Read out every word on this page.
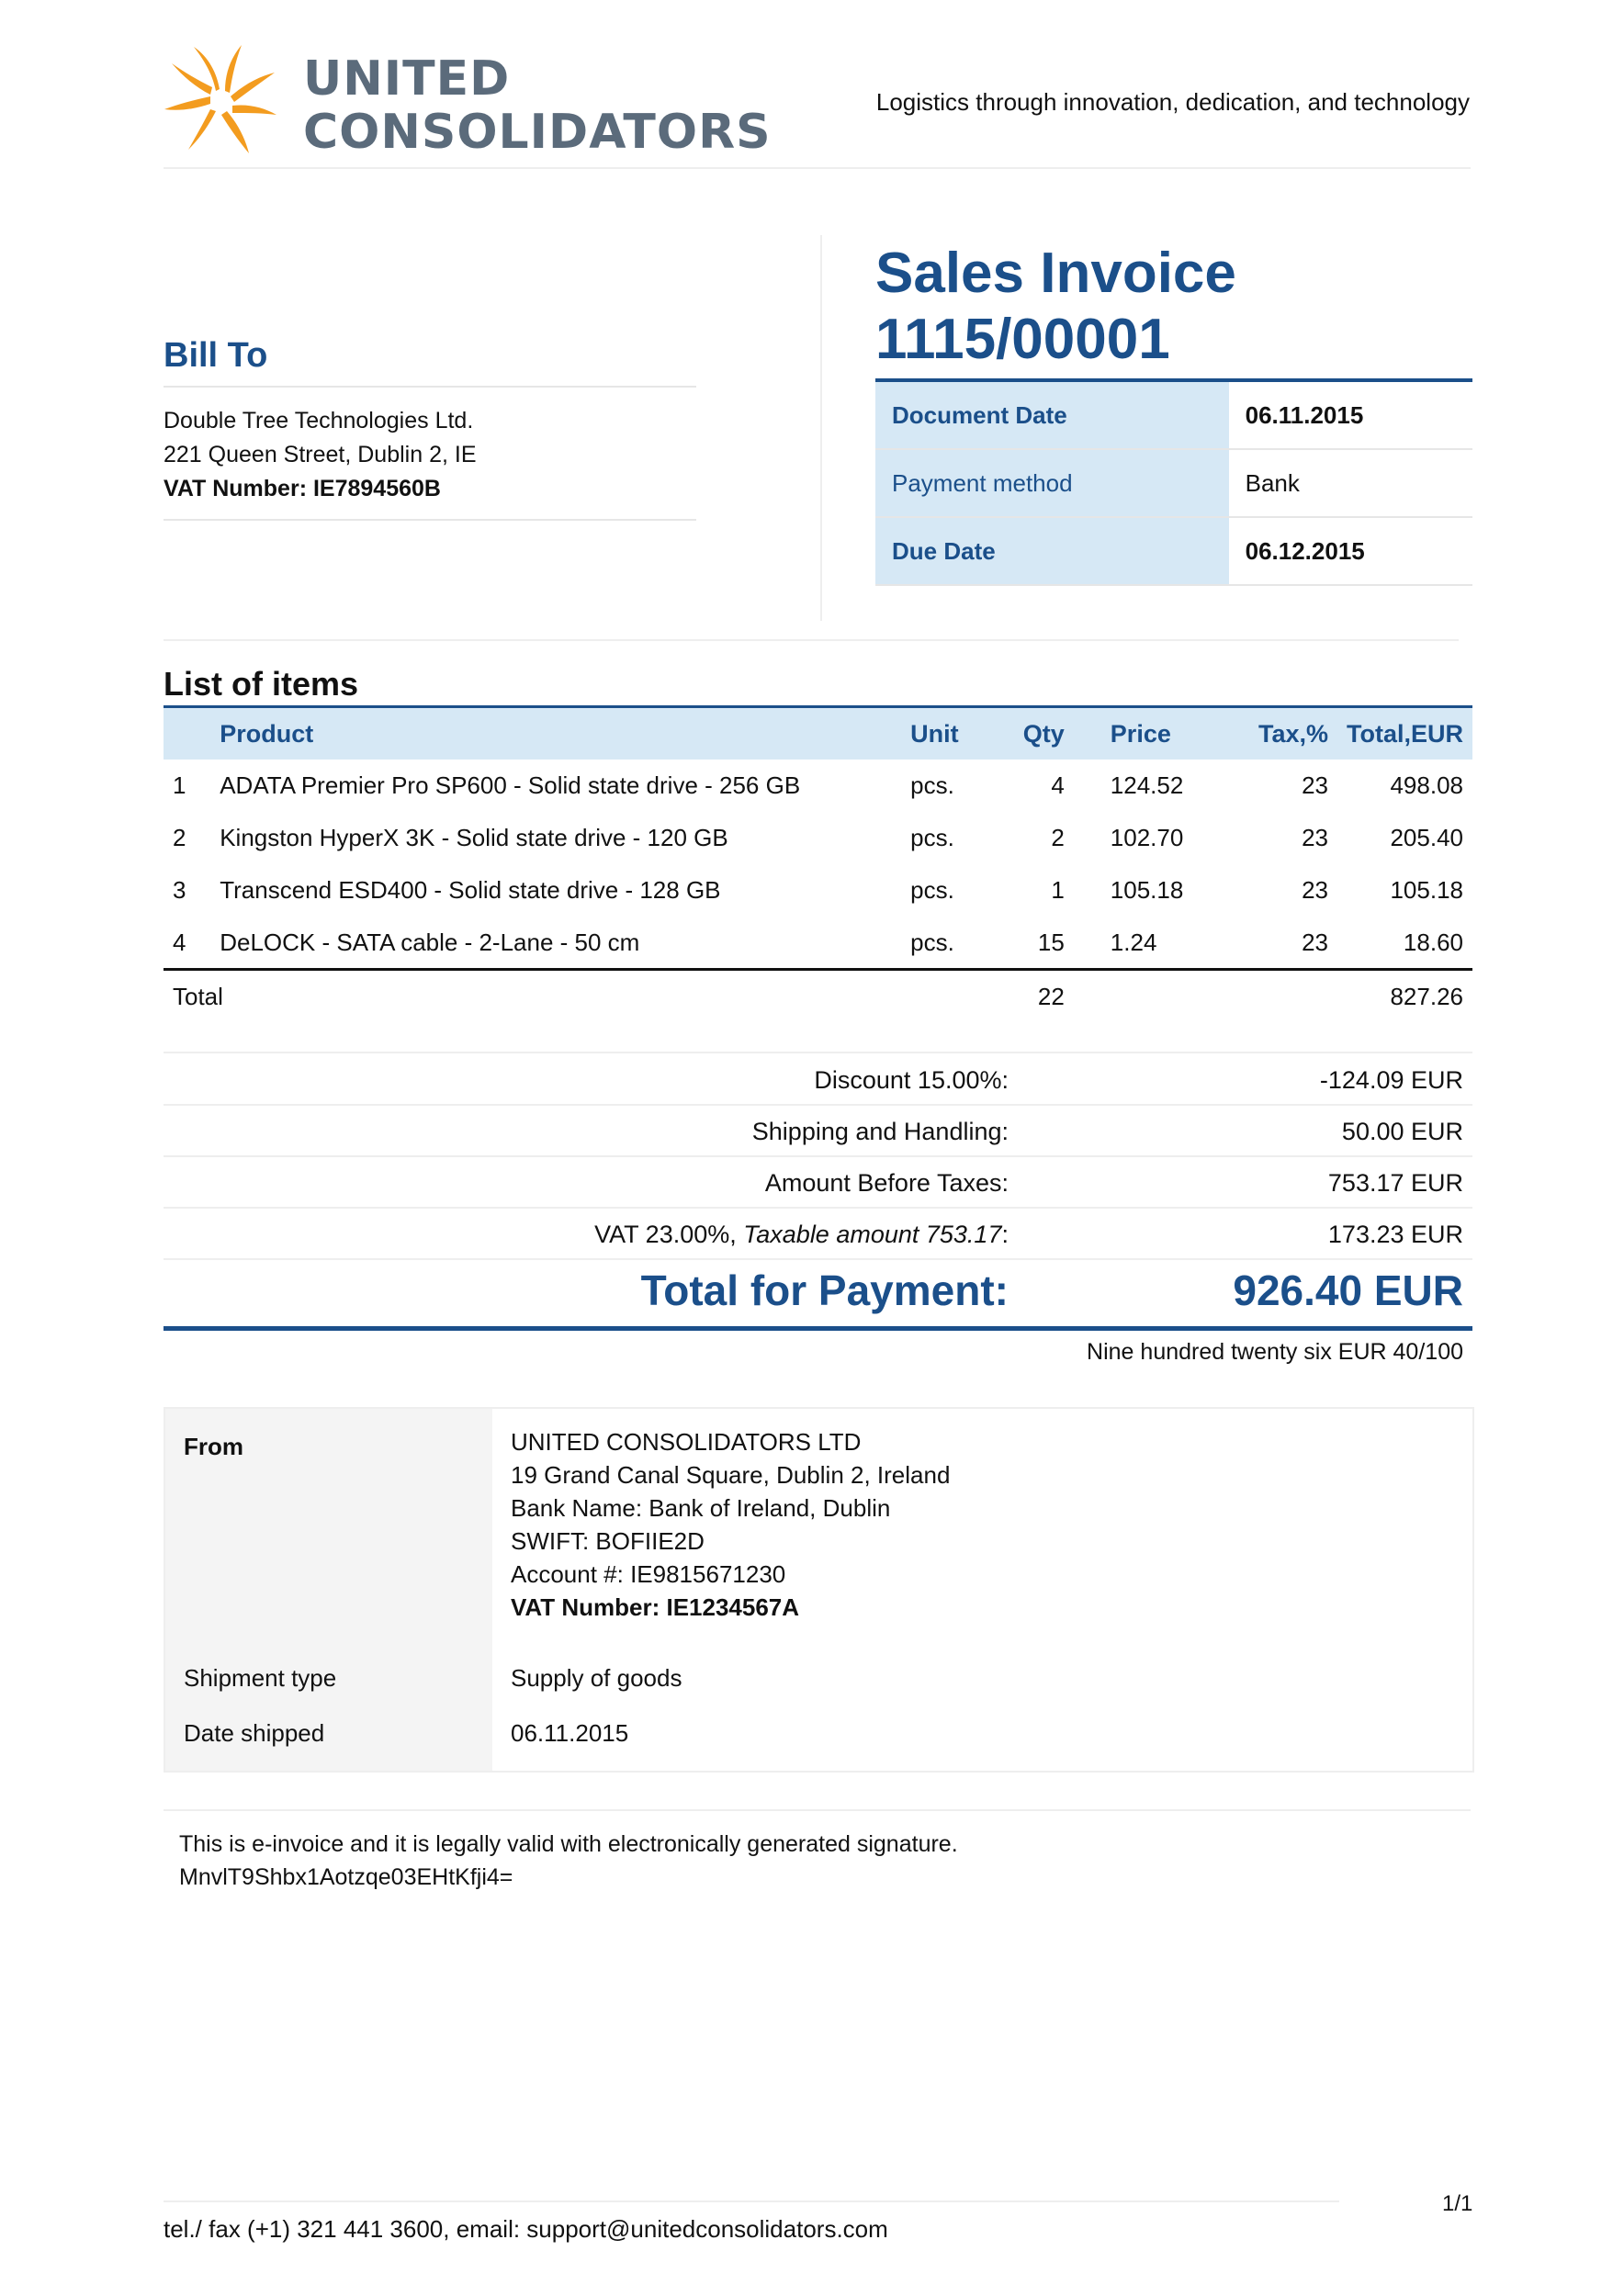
UNITED
CONSOLIDATORS
Logistics through innovation, dedication, and technology
Bill To
Double Tree Technologies Ltd.
221 Queen Street, Dublin 2, IE
VAT Number: IE7894560B
Sales Invoice
1115/00001
Document Date	06.11.2015
Payment method	Bank
Due Date	06.12.2015
List of items
	Product	Unit	Qty	Price	Tax,%	Total,EUR
1	ADATA Premier Pro SP600 - Solid state drive - 256 GB	pcs.	4	124.52	23	498.08
2	Kingston HyperX 3K - Solid state drive - 120 GB	pcs.	2	102.70	23	205.40
3	Transcend ESD400 - Solid state drive - 128 GB	pcs.	1	105.18	23	105.18
4	DeLOCK - SATA cable - 2-Lane - 50 cm	pcs.	15	1.24	23	18.60
Total			22			827.26
Discount 15.00%:	-124.09 EUR
Shipping and Handling:	50.00 EUR
Amount Before Taxes:	753.17 EUR
VAT 23.00%, Taxable amount 753.17:	173.23 EUR
Total for Payment:	926.40 EUR
Nine hundred twenty six EUR 40/100
From	UNITED CONSOLIDATORS LTD
19 Grand Canal Square, Dublin 2, Ireland
Bank Name: Bank of Ireland, Dublin
SWIFT: BOFIIE2D
Account #: IE9815671230
VAT Number: IE1234567A
Shipment type	Supply of goods
Date shipped	06.11.2015
This is e-invoice and it is legally valid with electronically generated signature.
MnvlT9Shbx1Aotzqe03EHtKfji4=
tel./ fax (+1) 321 441 3600, email: support@unitedconsolidators.com
1/1
